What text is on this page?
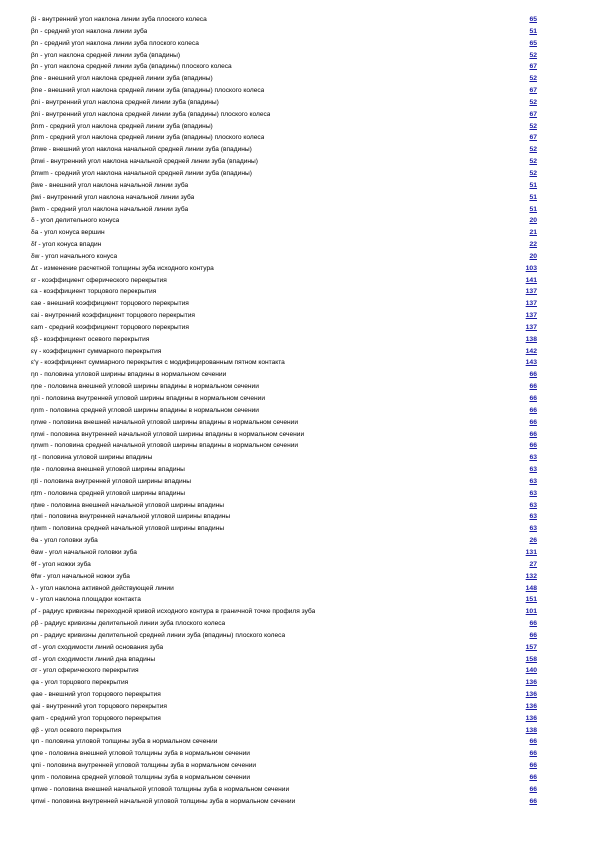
βi - внутренний угол наклона линии зуба плоского колеса	65
βn - средний угол наклона линии зуба	51
βn - средний угол наклона линии зуба плоского колеса	65
βn - угол наклона средней линии зуба (впадины)	52
βn - угол наклона средней линии зуба (впадины) плоского колеса	67
βne - внешний угол наклона средней линии зуба (впадины)	52
βne - внешний угол наклона средней линии зуба (впадины) плоского колеса	67
βni - внутренний угол наклона средней линии зуба (впадины)	52
βni - внутренний угол наклона средней линии зуба (впадины) плоского колеса	67
βnm - средний угол наклона средней линии зуба (впадины)	52
βnm - средний угол наклона средней линии зуба (впадины) плоского колеса	67
βnwe - внешний угол наклона начальной средней линии зуба (впадины)	52
βnwi - внутренний угол наклона начальной средней линии зуба (впадины)	52
βnwm - средний угол наклона начальной средней линии зуба (впадины)	52
βwe - внешний угол наклона начальной линии зуба	51
βwi - внутренний угол наклона начальной линии зуба	51
βwm - средний угол наклона начальной линии зуба	51
δ - угол делительного конуса	20
δa - угол конуса вершин	21
δf - угол конуса впадин	22
δw - угол начального конуса	20
Δτ - изменение расчетной толщины зуба исходного контура	103
εr - коэффициент сферического перекрытия	141
εa - коэффициент торцового перекрытия	137
εae - внешний коэффициент торцового перекрытия	137
εai - внутренний коэффициент торцового перекрытия	137
εam - средний коэффициент торцового перекрытия	137
εβ - коэффициент осевого перекрытия	138
εγ - коэффициент суммарного перекрытия	142
ε'γ - коэффициент суммарного перекрытия с модифицированным пятном контакта	143
ηn - половина угловой ширины впадины в нормальном сечении	66
ηne - половина внешней угловой ширины впадины в нормальном сечении	66
ηni - половина внутренней угловой ширины впадины в нормальном сечении	66
ηnm - половина средней угловой ширины впадины в нормальном сечении	66
ηnwe - половина внешней начальной угловой ширины впадины в нормальном сечении	66
ηnwi - половина внутренней начальной угловой ширины впадины в нормальном сечении	66
ηnwm - половина средней начальной угловой ширины впадины в нормальном сечении	66
ηt - половина угловой ширины впадины	63
ηte - половина внешней угловой ширины впадины	63
ηti - половина внутренней угловой ширины впадины	63
ηtm - половина средней угловой ширины впадины	63
ηtwe - половина внешней начальной угловой ширины впадины	63
ηtwi - половина внутренней начальной угловой ширины впадины	63
ηtwm - половина средней начальной угловой ширины впадины	63
θa - угол головки зуба	26
θaw - угол начальной головки зуба	131
θf - угол ножки зуба	27
θfw - угол начальной ножки зуба	132
λ - угол наклона активной действующей линии	148
ν - угол наклона площадки контакта	151
ρf - радиус кривизны переходной кривой исходного контура в граничной точке профиля зуба	101
ρβ - радиус кривизны делительной линии зуба плоского колеса	66
ρn - радиус кривизны делительной средней линии зуба (впадины) плоского колеса	66
σf - угол сходимости линий основания зуба	157
σf - угол сходимости линий дна впадины	158
σr - угол сферического перекрытия	140
φa - угол торцового перекрытия	136
φae - внешний угол торцового перекрытия	136
φai - внутренний угол торцового перекрытия	136
φam - средний угол торцового перекрытия	136
φβ - угол осевого перекрытия	138
ψn - половина угловой толщины зуба в нормальном сечении	66
ψne - половина внешней угловой толщины зуба в нормальном сечении	66
ψni - половина внутренней угловой толщины зуба в нормальном сечении	66
ψnm - половина средней угловой толщины зуба в нормальном сечении	66
ψnwe - половина внешней начальной угловой толщины зуба в нормальном сечении	66
ψnwi - половина внутренней начальной угловой толщины зуба в нормальном сечении	66
